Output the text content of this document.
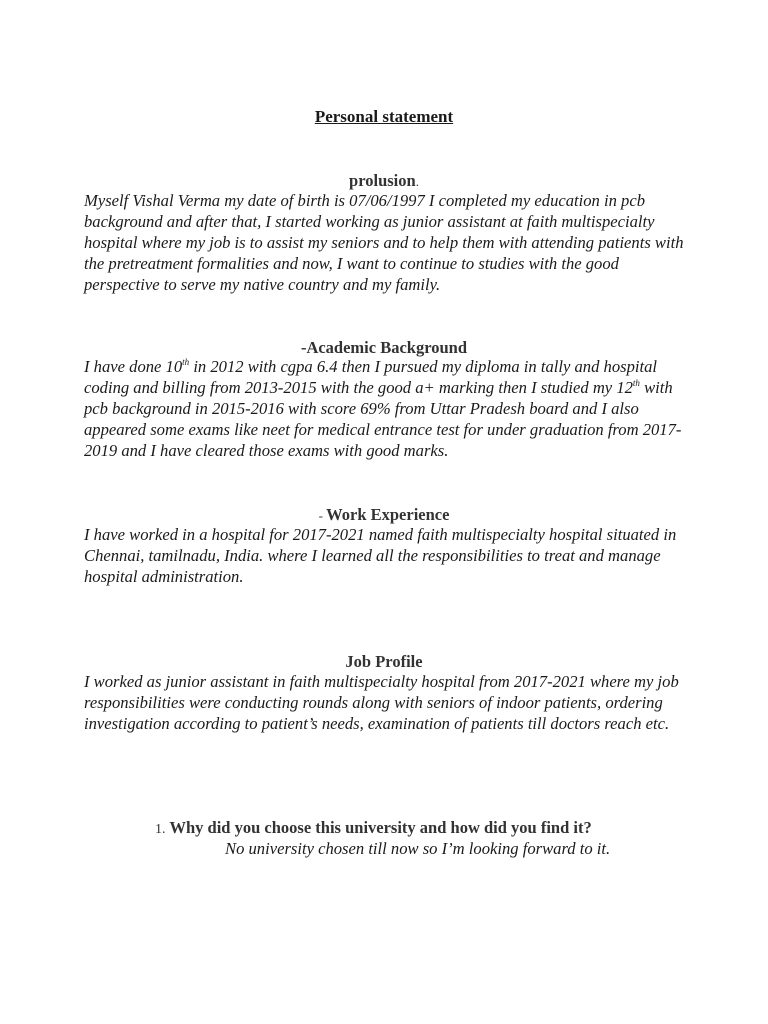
Personal statement
prolusion.
Myself Vishal Verma my date of birth is 07/06/1997 I completed my education in pcb background and after that, I started working as junior assistant at faith multispecialty hospital where my job is to assist my seniors and to help them with attending patients with the pretreatment formalities and now, I want to continue to studies with the good perspective to serve my native country and my family.
-Academic Background
I have done 10th in 2012 with cgpa 6.4 then I pursued my diploma in tally and hospital coding and billing from 2013-2015 with the good a+ marking then I studied my 12th with pcb background in 2015-2016 with score 69% from Uttar Pradesh board and I also appeared some exams like neet for medical entrance test for under graduation from 2017-2019 and I have cleared those exams with good marks.
- Work Experience
I have worked in a hospital for 2017-2021 named faith multispecialty hospital situated in Chennai, tamilnadu, India. where I learned all the responsibilities to treat and manage hospital administration.
Job Profile
I worked as junior assistant in faith multispecialty hospital from 2017-2021 where my job responsibilities were conducting rounds along with seniors of indoor patients, ordering investigation according to patient’s needs, examination of patients till doctors reach etc.
1. Why did you choose this university and how did you find it?
No university chosen till now so I’m looking forward to it.
